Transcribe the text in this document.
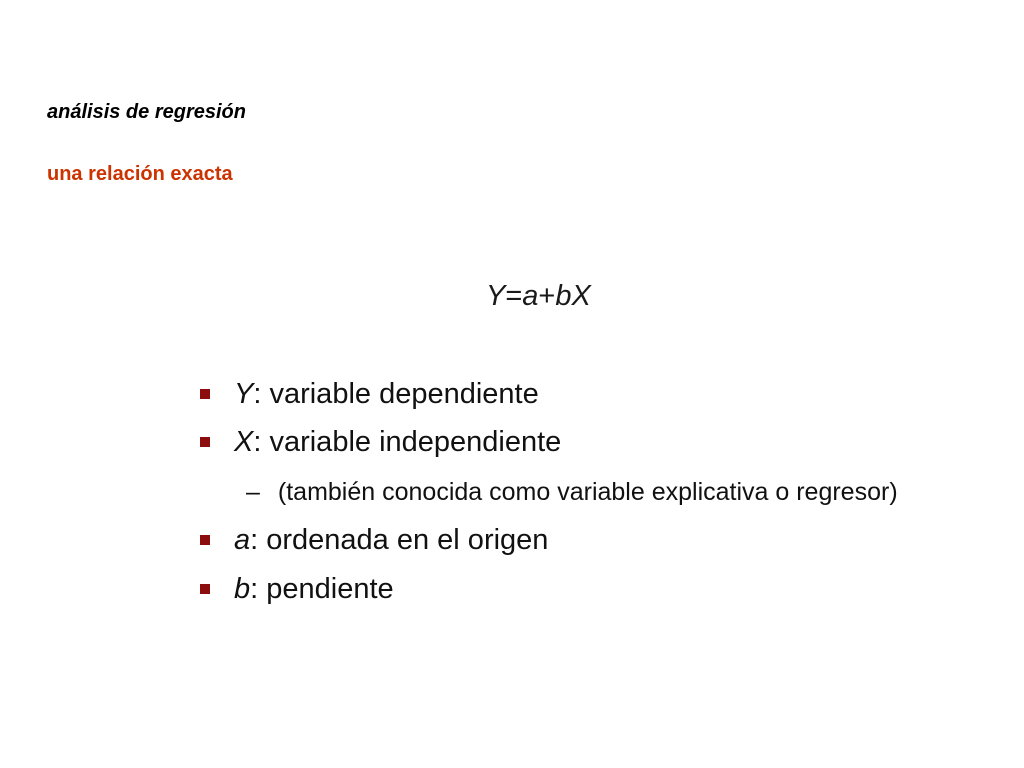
análisis de regresión
una relación exacta
Y=a+bX
Y : variable dependiente
X : variable independiente
– (también conocida como variable explicativa o regresor)
a : ordenada en el origen
b : pendiente
